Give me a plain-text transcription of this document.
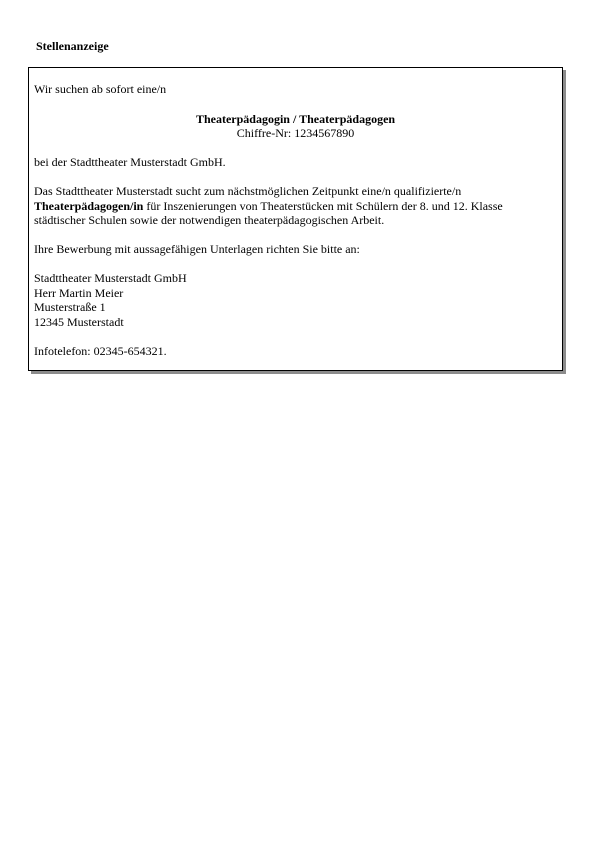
Stellenanzeige
Wir suchen ab sofort eine/n
Theaterpädagogin / Theaterpädagogen
Chiffre-Nr: 1234567890
bei der Stadttheater Musterstadt GmbH.
Das Stadttheater Musterstadt sucht zum nächstmöglichen Zeitpunkt eine/n qualifizierte/n
Theaterpädagogen/in für Inszenierungen von Theaterstücken mit Schülern der 8. und 12. Klasse
städtischer Schulen sowie der notwendigen theaterpädagogischen Arbeit.
Ihre Bewerbung mit aussagefähigen Unterlagen richten Sie bitte an:
Stadttheater Musterstadt GmbH
Herr Martin Meier
Musterstraße 1
12345 Musterstadt
Infotelefon: 02345-654321.
